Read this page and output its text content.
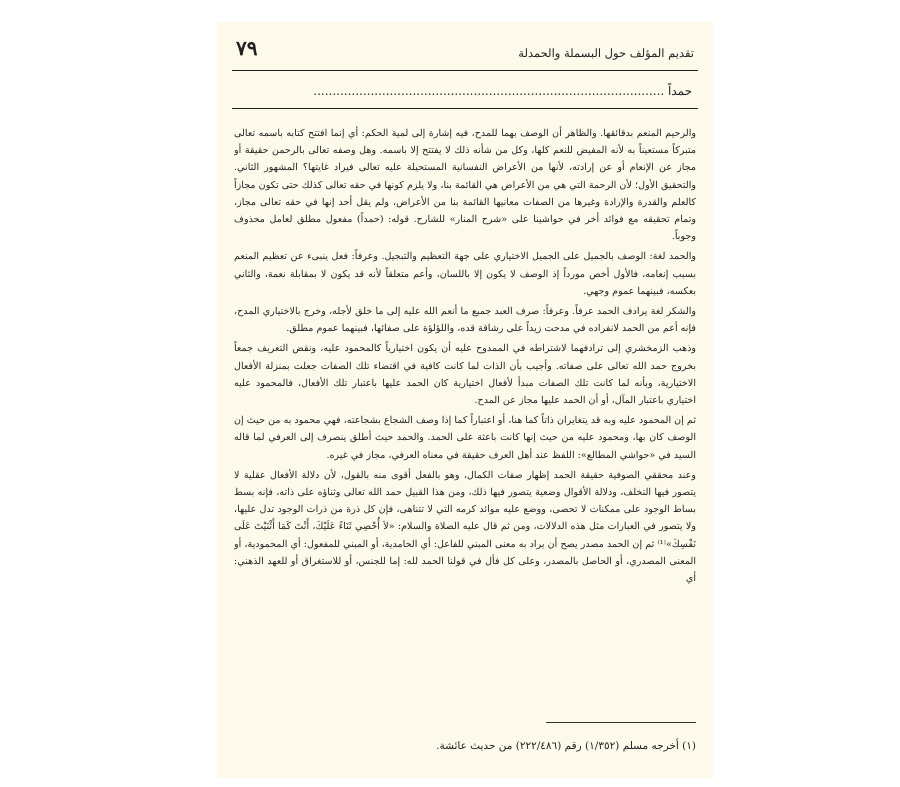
٧٩	تقديم المؤلف حول البسملة والحمدلة
حمداً ............................................................................................

والرحيم المنعم بدقائقها. والظاهر أن الوصف بهما للمدح، فيه إشارة إلى لمية الحكم: أي إنما افتتح كتابه باسمه تعالى متبركاً مستعيناً به لأنه المفيض للنعم كلها، وكل من شأنه ذلك لا يفتتح إلا باسمه. وهل وصفه تعالى بالرحمن حقيقة أو مجاز عن الإنعام أو عن إرادته، لأنها من الأعراض النفسانية المستحيلة عليه تعالى فيراد غايتها؟ المشهور الثاني. والتحقيق الأول؛ لأن الرحمة التي هي من الأعراض هي القائمة بنا، ولا يلزم كونها في حقه تعالى كذلك حتى تكون مجازاً كالعلم والقدرة والإرادة وغيرها من الصفات معانيها القائمة بنا من الأعراض، ولم يقل أحد إنها في حقه تعالى مجاز، وتمام تحقيقه مع فوائد أخر في حواشينا على «شرح المنار» للشارح. قوله: (حمداً) مفعول مطلق لعامل محذوف وجوباً.

والحمد لغة: الوصف بالجميل على الجميل الاختياري على جهة التعظيم والتبجيل. وعرفاً: فعل ينبىء عن تعظيم المنعم بسبب إنعامه، فالأول أخص مورداً إذ الوصف لا يكون إلا باللسان، وأعم متعلقاً لأنه قد يكون لا بمقابلة نعمة، والثاني بعكسه، فبينهما عموم وجهي.

والشكر لغة يرادف الحمد عرفاً. وعرفاً: صرف العبد جميع ما أنعم الله عليه إلى ما خلق لأجله، وخرج بالاختياري المدح، فإنه أعم من الحمد لانفراده في مدحت زيداً على رشاقة قده، واللؤلؤة على صفائها، فبينهما عموم مطلق.

وذهب الزمخشري إلى ترادفهما لاشتراطه في الممدوح عليه أن يكون اختيارياً كالمحمود عليه، ونقض التعريف جمعاً بخروج حمد الله تعالى على صفاته. وأجيب بأن الذات لما كانت كافية في اقتضاء تلك الصفات جعلت بمنزلة الأفعال الاختيارية، وبأنه لما كانت تلك الصفات مبدأ لأفعال اختيارية كان الحمد عليها باعتبار تلك الأفعال، فالمحمود عليه اختياري باعتبار المآل، أو أن الحمد عليها مجاز عن المدح.

ثم إن المحمود عليه وبه قد يتغايران ذاتاً كما هنا، أو اعتباراً كما إذا وصف الشجاع بشجاعته، فهي محمود به من حيث إن الوصف كان بها، ومحمود عليه من حيث إنها كانت باعثة على الحمد. والحمد حيث أطلق ينصرف إلى العرفي لما قاله السيد في «حواشي المطالع»: اللفظ عند أهل العرف حقيقة في معناه العرفي، مجاز في غيره.

وعند محققي الصوفية حقيقة الحمد إظهار صفات الكمال، وهو بالفعل أقوى منه بالقول، لأن دلالة الأفعال عقلية لا يتصور فيها التخلف، ودلالة الأقوال وضعية يتصور فيها ذلك، ومن هذا القبيل حمد الله تعالى وثناؤه على ذاته، فإنه بسط بساط الوجود على ممكنات لا تحصى، ووضع عليه موائد كرمه التي لا تتناهى، فإن كل ذرة من ذرات الوجود تدل عليها، ولا يتصور في العبارات مثل هذه الدلالات، ومن ثم قال عليه الصلاة والسلام: «لاَ أُحْصِي ثَنَاءً عَلَيْكَ، أَنْتَ كَمَا أَثْنَيْتَ عَلَى نَفْسِكَ»⁽¹⁾ ثم إن الحمد مصدر يصح أن يراد به معنى المبني للفاعل: أي الحامدية، أو المبني للمفعول: أي المحمودية، أو المعنى المصدري، أو الحاصل بالمصدر، وعلى كل فأل في قولنا الحمد لله: إما للجنس، أو للاستغراق أو للعهد الذهني: أي

(١) أخرجه مسلم (١/٣٥٢) رقم (٢٢٢/٤٨٦) من حديث عائشة.
